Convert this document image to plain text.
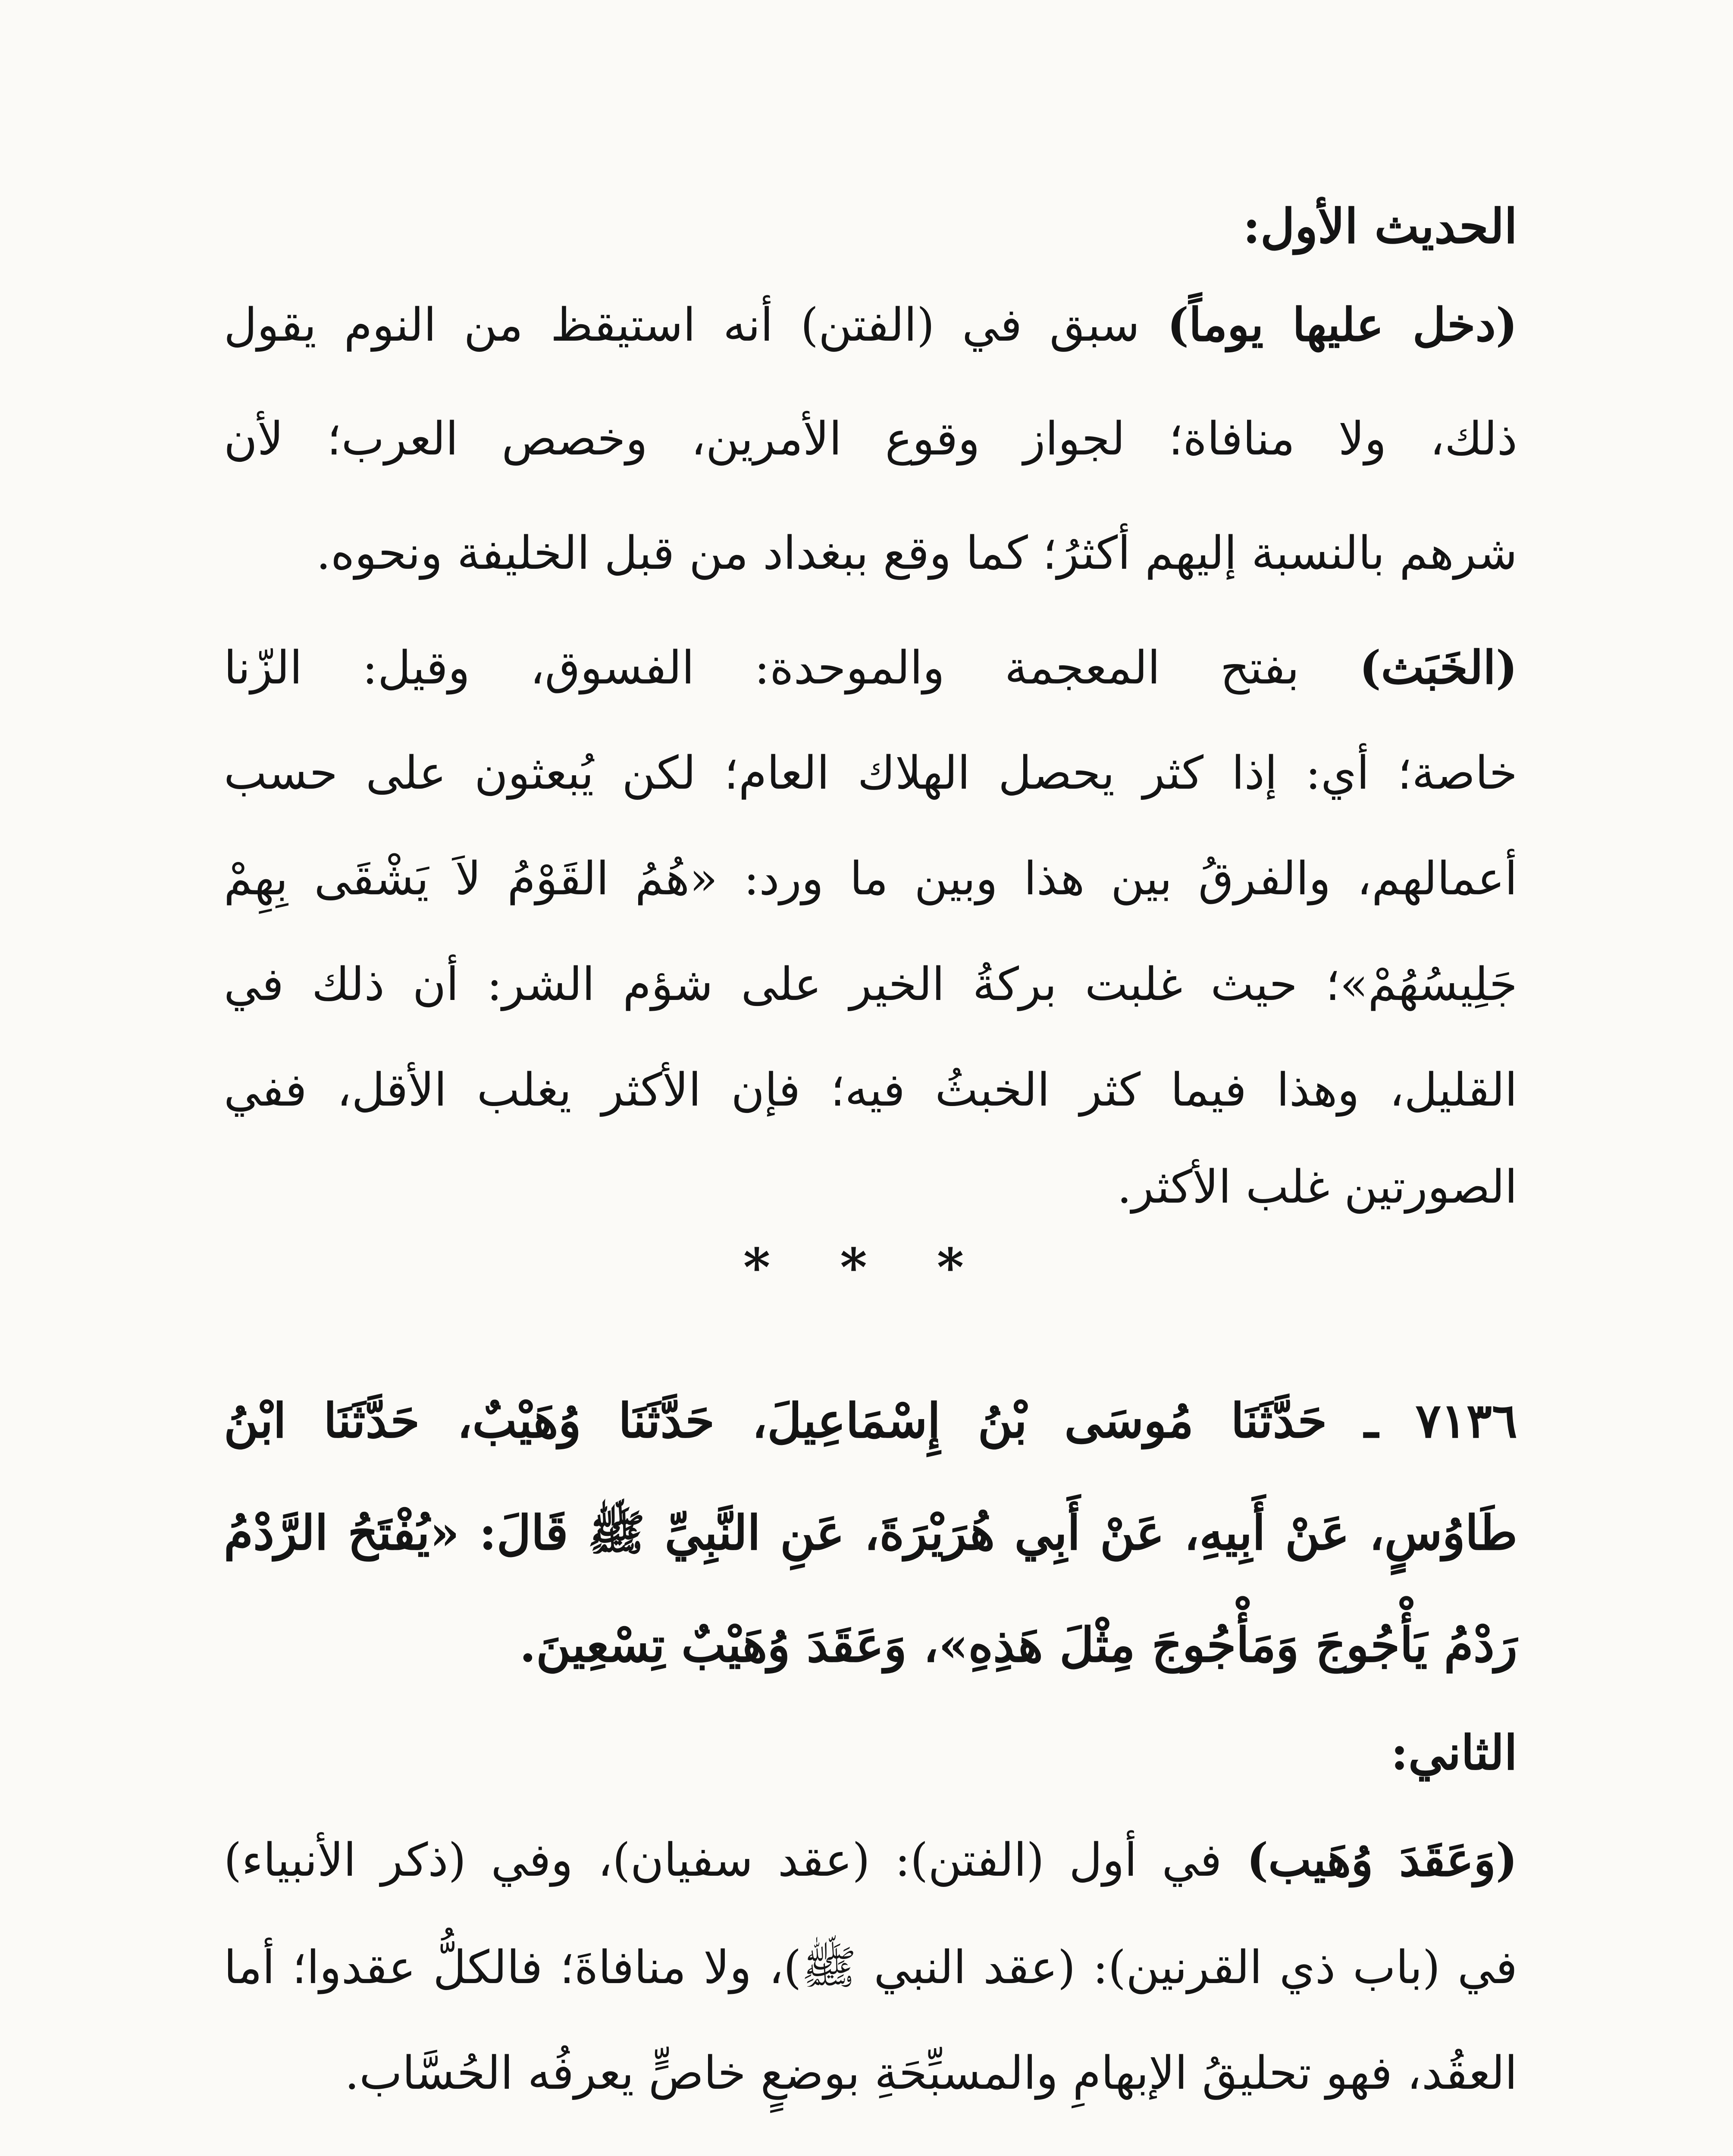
الحديث الأول:
(دخل عليها يوماً) سبق في (الفتن) أنه استيقظ من النوم يقول
ذلك، ولا منافاة؛ لجواز وقوع الأمرين، وخصص العرب؛ لأن
شرهم بالنسبة إليهم أكثرُ؛ كما وقع ببغداد من قبل الخليفة ونحوه.
(الخَبَث) بفتح المعجمة والموحدة: الفسوق، وقيل: الزّنا
خاصة؛ أي: إذا كثر يحصل الهلاك العام؛ لكن يُبعثون على حسب
أعمالهم، والفرقُ بين هذا وبين ما ورد: «هُمُ القَوْمُ لاَ يَشْقَى بِهِمْ
جَلِيسُهُمْ»؛ حيث غلبت بركةُ الخير على شؤم الشر: أن ذلك في
القليل، وهذا فيما كثر الخبثُ فيه؛ فإن الأكثر يغلب الأقل، ففي
الصورتين غلب الأكثر.
* * *
٧١٣٦ ـ حَدَّثَنَا مُوسَى بْنُ إِسْمَاعِيلَ، حَدَّثَنَا وُهَيْبٌ، حَدَّثَنَا ابْنُ
طَاوُسٍ، عَنْ أَبِيهِ، عَنْ أَبِي هُرَيْرَةَ، عَنِ النَّبِيِّ ﷺ قَالَ: «يُفْتَحُ الرَّدْمُ
رَدْمُ يَأْجُوجَ وَمَأْجُوجَ مِثْلَ هَذِهِ»، وَعَقَدَ وُهَيْبٌ تِسْعِينَ.
الثاني:
(وَعَقَدَ وُهَيب) في أول (الفتن): (عقد سفيان)، وفي (ذكر الأنبياء)
في (باب ذي القرنين): (عقد النبي ﷺ)، ولا منافاةَ؛ فالكلُّ عقدوا؛ أما
العقُد، فهو تحليقُ الإبهامِ والمسبِّحَةِ بوضعٍ خاصٍّ يعرفُه الحُسَّاب.
